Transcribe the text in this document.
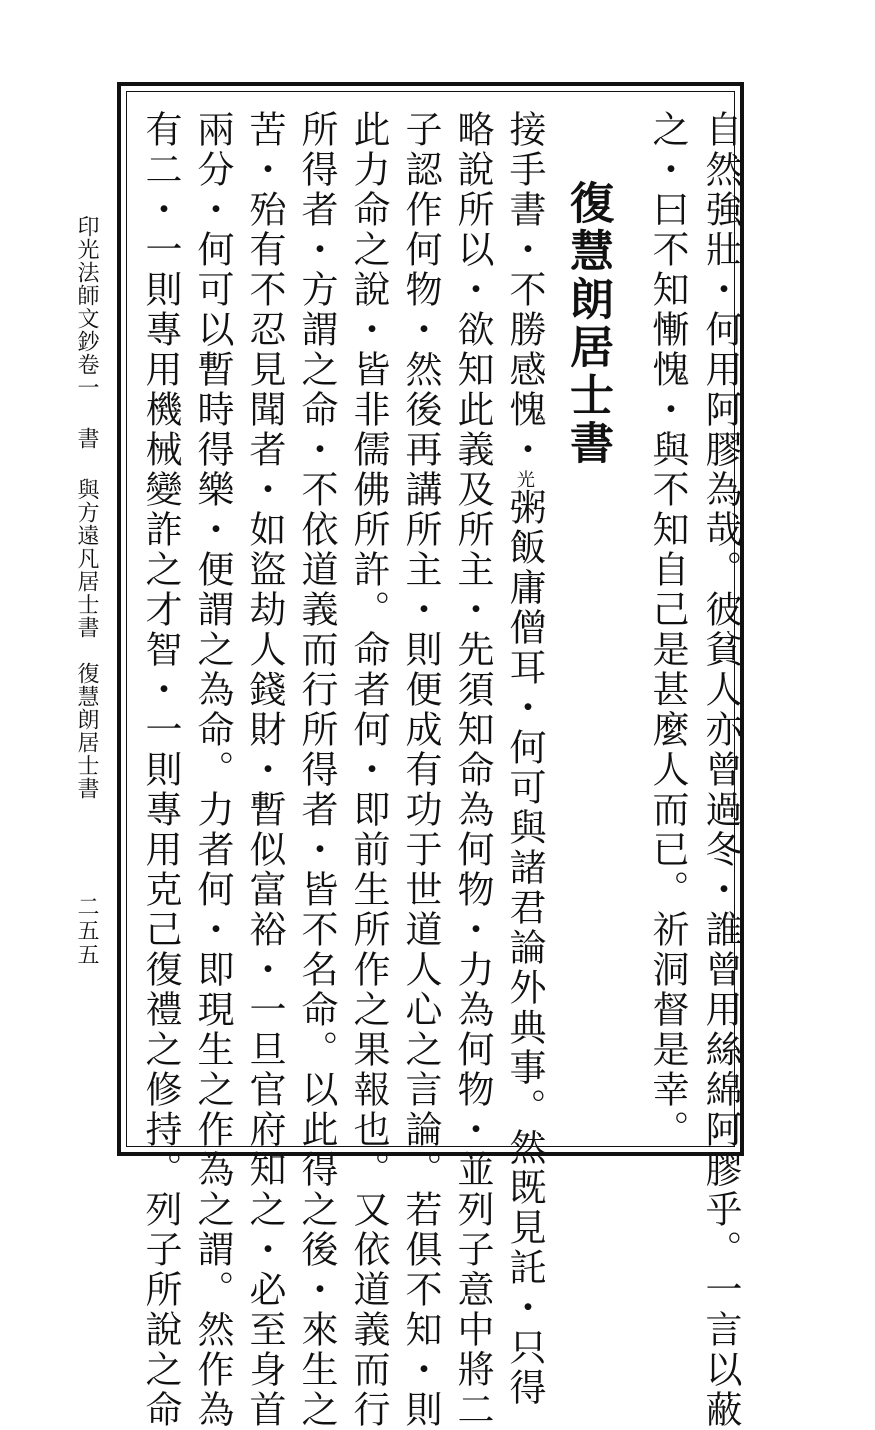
自然強壯・何用阿膠為哉。彼貧人亦曾過冬・誰曾用絲綿阿膠乎。一言以蔽
之・曰不知慚愧・與不知自己是甚麼人而已。祈洞督是幸。
復慧朗居士書
接手書・不勝感愧・光粥飯庸僧耳・何可與諸君論外典事。然既見託・只得
略說所以・欲知此義及所主・先須知命為何物・力為何物・並列子意中將二
子認作何物・然後再講所主・則便成有功于世道人心之言論。若俱不知・則
此力命之說・皆非儒佛所許。命者何・即前生所作之果報也。又依道義而行
所得者・方謂之命・不依道義而行所得者・皆不名命。以此得之後・來生之
苦・殆有不忍見聞者・如盜劫人錢財・暫似富裕・一旦官府知之・必至身首
兩分・何可以暫時得樂・便謂之為命。力者何・即現生之作為之謂。然作為
有二・一則專用機械變詐之才智・一則專用克己復禮之修持。列子所說之命
印光法師文鈔卷一書與方遠凡居士書　復慧朗居士書
二五五
